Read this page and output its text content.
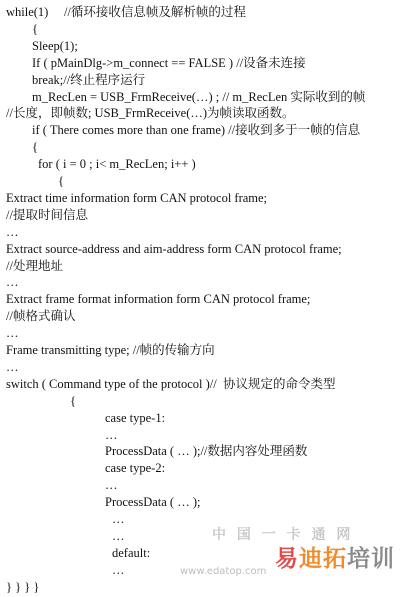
while(1)     //循环接收信息帧及解析帧的过程
{
Sleep(1);
If ( pMainDlg->m_connect == FALSE ) //设备未连接
break;//终止程序运行
m_RecLen = USB_FrmReceive(…) ; // m_RecLen 实际收到的帧
//长度，即帧数; USB_FrmReceive(…)为帧读取函数。
if ( There comes more than one frame) //接收到多于一帧的信息
{
for ( i = 0 ; i< m_RecLen; i++ )
{
Extract time information form CAN protocol frame;
//提取时间信息
…
Extract source-address and aim-address form CAN protocol frame;
//处理地址
…
Extract frame format information form CAN protocol frame;
//帧格式确认
…
Frame transmitting type; //帧的传输方向
…
switch ( Command type of the protocol )//  协议规定的命令类型
{
case type-1:
…
ProcessData ( … );//数据内容处理函数
case type-2:
…
ProcessData ( … );
…
…
default:
…
} } } }
中 国 一 卡 通 网
易迪拓培训
www.edatop.com
